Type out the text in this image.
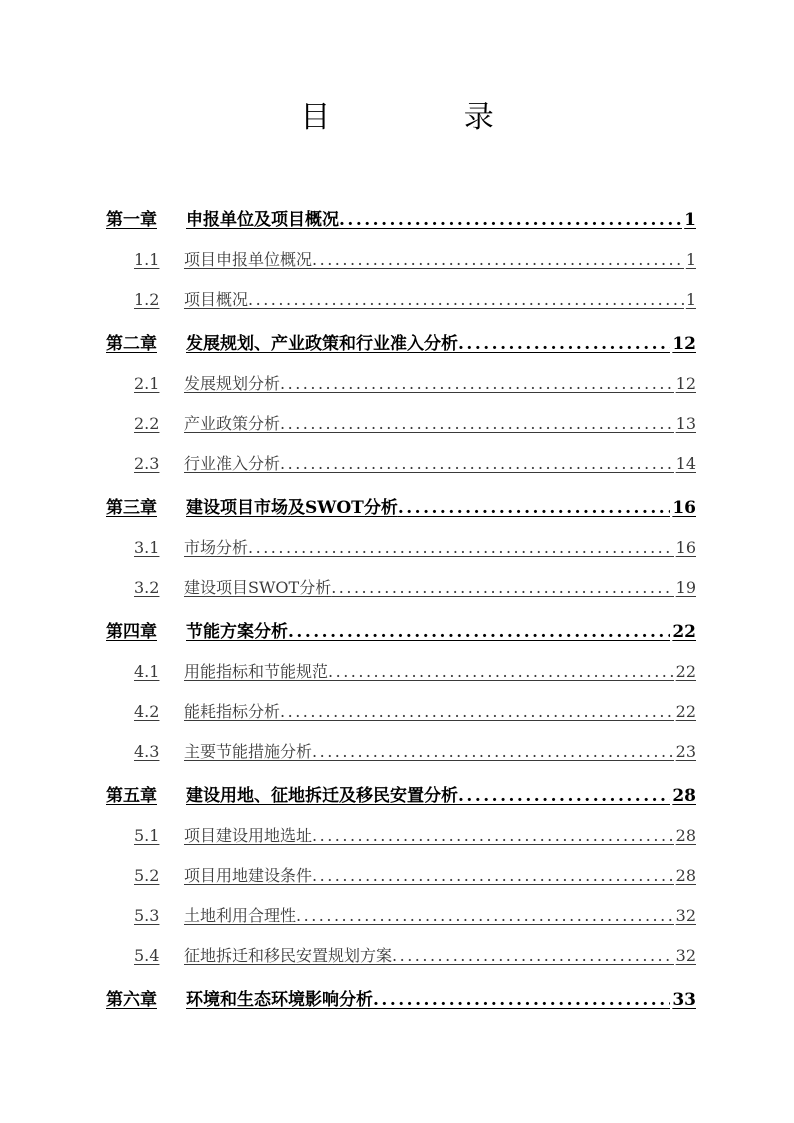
目 录
第一章	申报单位及项目概况 .....	1
1.1	项目申报单位概况 .....	1
1.2	项目概况 .....	1
第二章	发展规划、产业政策和行业准入分析 .....	12
2.1	发展规划分析 .....	12
2.2	产业政策分析 .....	13
2.3	行业准入分析 .....	14
第三章	建设项目市场及SWOT分析 .....	16
3.1	市场分析 .....	16
3.2	建设项目SWOT分析 .....	19
第四章	节能方案分析 .....	22
4.1	用能指标和节能规范 .....	22
4.2	能耗指标分析 .....	22
4.3	主要节能措施分析 .....	23
第五章	建设用地、征地拆迁及移民安置分析 .....	28
5.1	项目建设用地选址 .....	28
5.2	项目用地建设条件 .....	28
5.3	土地利用合理性 .....	32
5.4	征地拆迁和移民安置规划方案 .....	32
第六章	环境和生态环境影响分析 .....	33
